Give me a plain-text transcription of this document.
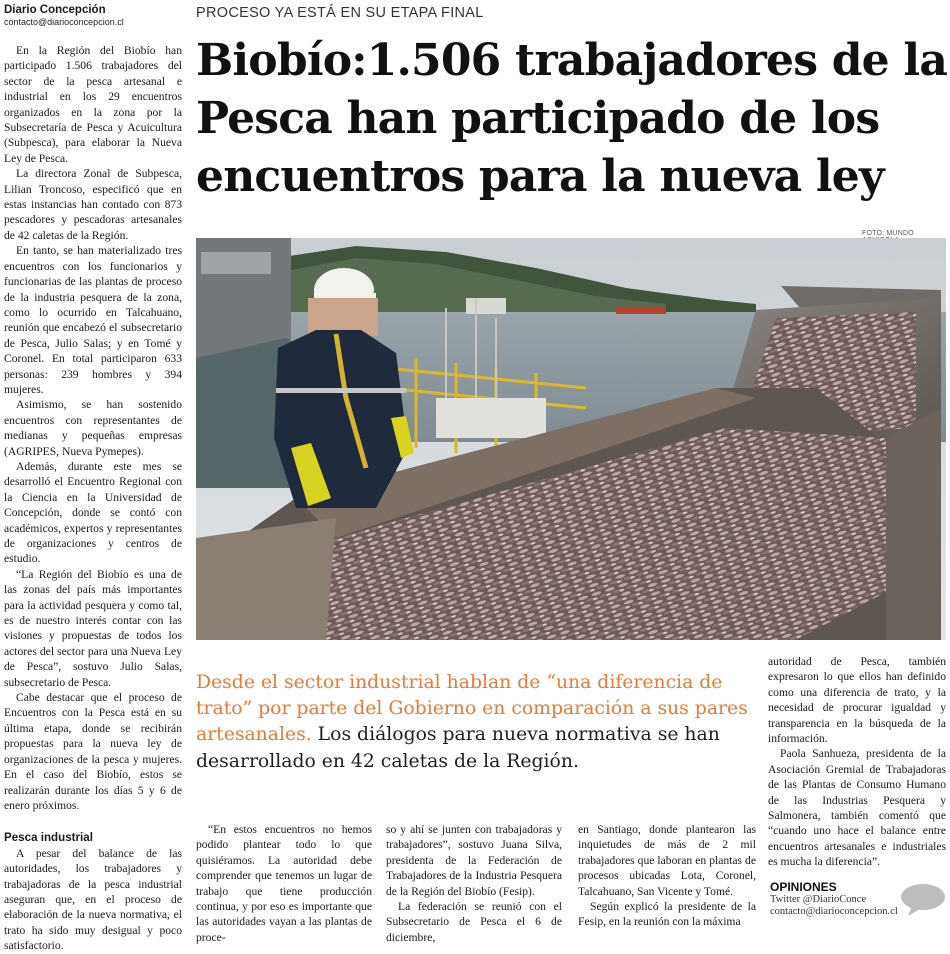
Diario Concepción

contacto@diarioconcepcion.cl

En la Región del Biobío han participado 1.506 trabajadores del sector de la pesca artesanal e industrial en los 29 encuentros organizados en la zona por la Subsecretaría de Pesca y Acuicultura (Subpesca), para elaborar la Nueva Ley de Pesca.

La directora Zonal de Subpesca, Lilian Troncoso, especificó que en estas instancias han contado con 873 pescadores y pescadoras artesanales de 42 caletas de la Región.

En tanto, se han materializado tres encuentros con los funcionarios y funcionarias de las plantas de proceso de la industria pesquera de la zona, como lo ocurrido en Talcahuano, reunión que encabezó el subsecretario de Pesca, Julio Salas; y en Tomé y Coronel. En total participaron 633 personas: 239 hombres y 394 mujeres.

Asimismo, se han sostenido encuentros con representantes de medianas y pequeñas empresas (AGRIPES, Nueva Pymepes).

Además, durante este mes se desarrolló el Encuentro Regional con la Ciencia en la Universidad de Concepción, donde se contó con académicos, expertos y representantes de organizaciones y centros de estudio.

“La Región del Biobío es una de las zonas del país más importantes para la actividad pesquera y como tal, es de nuestro interés contar con las visiones y propuestas de todos los actores del sector para una Nueva Ley de Pesca”, sostuvo Julio Salas, subsecretario de Pesca.

Cabe destacar que el proceso de Encuentros con la Pesca está en su última etapa, donde se recibirán propuestas para la nueva ley de organizaciones de la pesca y mujeres. En el caso del Biobío, estos se realizarán durante los días 5 y 6 de enero próximos.

Pesca industrial

A pesar del balance de las autoridades, los trabajadores y trabajadoras de la pesca industrial aseguran que, en el proceso de elaboración de la nueva normativa, el trato ha sido muy desigual y poco satisfactorio.

PROCESO YA ESTÁ EN SU ETAPA FINAL
Biobío:1.506 trabajadores de la Pesca han participado de los encuentros para la nueva ley
FOTO: MUNDO
Desde el sector industrial hablan de “una diferencia de trato” por parte del Gobierno en comparación a sus pares artesanales. Los diálogos para nueva normativa se han desarrollado en 42 caletas de la Región.

“En estos encuentros no hemos podido plantear todo lo que quisiéramos. La autoridad debe comprender que tenemos un lugar de trabajo que tiene producción continua, y por eso es importante que las autoridades vayan a las plantas de proce-

so y ahí se junten con trabajadoras y trabajadores”, sostuvo Juana Silva, presidenta de la Federación de Trabajadores de la Industria Pesquera de la Región del Biobío (Fesip).

La federación se reunió con el Subsecretario de Pesca el 6 de diciembre,

en Santiago, donde plantearon las inquietudes de más de 2 mil trabajadores que laboran en plantas de procesos ubicadas Lota, Coronel, Talcahuano, San Vicente y Tomé.

Según explicó la presidente de la Fesip, en la reunión con la máxima

autoridad de Pesca, también expresaron lo que ellos han definido como una diferencia de trato, y la necesidad de procurar igualdad y transparencia en la búsqueda de la información.

Paola Sanhueza, presidenta de la Asociación Gremial de Trabajadoras de las Plantas de Consumo Humano de las Industrias Pesquera y Salmonera, también comentó que “cuando uno hace el balance entre encuentros artesanales e industriales es mucha la diferencia”.

OPINIONES
Twitter @DiarioConce
contacto@diarioconcepcion.cl
